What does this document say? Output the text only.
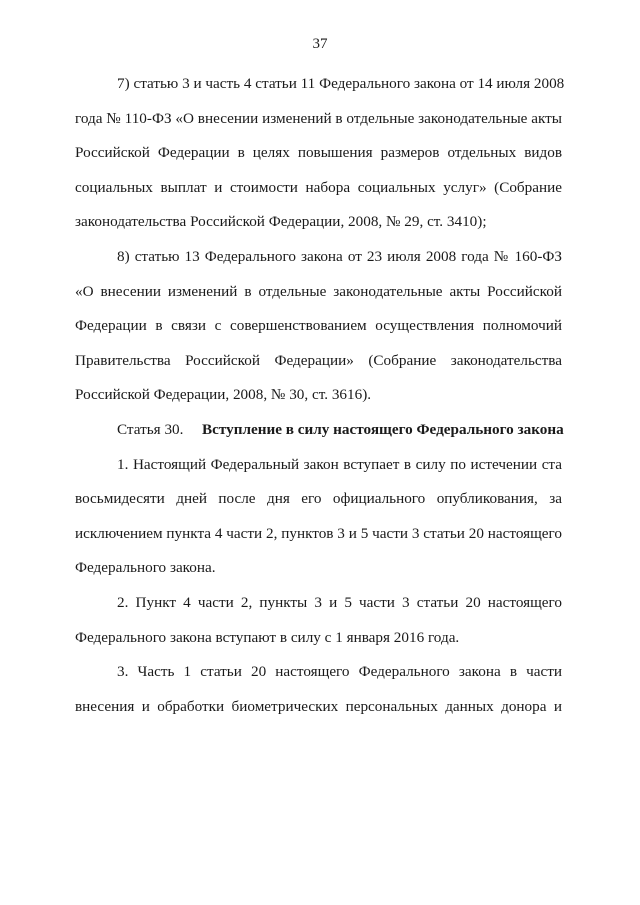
37
7) статью 3 и часть 4 статьи 11 Федерального закона от 14 июля 2008
года № 110-ФЗ «О внесении изменений в отдельные законодательные акты
Российской Федерации в целях повышения размеров отдельных видов
социальных выплат и стоимости набора социальных услуг» (Собрание
законодательства Российской Федерации, 2008, № 29, ст. 3410);
8) статью 13 Федерального закона от 23 июля 2008 года № 160-ФЗ
«О внесении изменений в отдельные законодательные акты Российской
Федерации в связи с совершенствованием осуществления полномочий
Правительства Российской Федерации» (Собрание законодательства
Российской Федерации, 2008, № 30, ст. 3616).
Статья 30. Вступление в силу настоящего Федерального закона
1. Настоящий Федеральный закон вступает в силу по истечении ста
восьмидесяти дней после дня его официального опубликования, за
исключением пункта 4 части 2, пунктов 3 и 5 части 3 статьи 20 настоящего
Федерального закона.
2. Пункт 4 части 2, пункты 3 и 5 части 3 статьи 20 настоящего
Федерального закона вступают в силу с 1 января 2016 года.
3. Часть 1 статьи 20 настоящего Федерального закона в части
внесения и обработки биометрических персональных данных донора и
